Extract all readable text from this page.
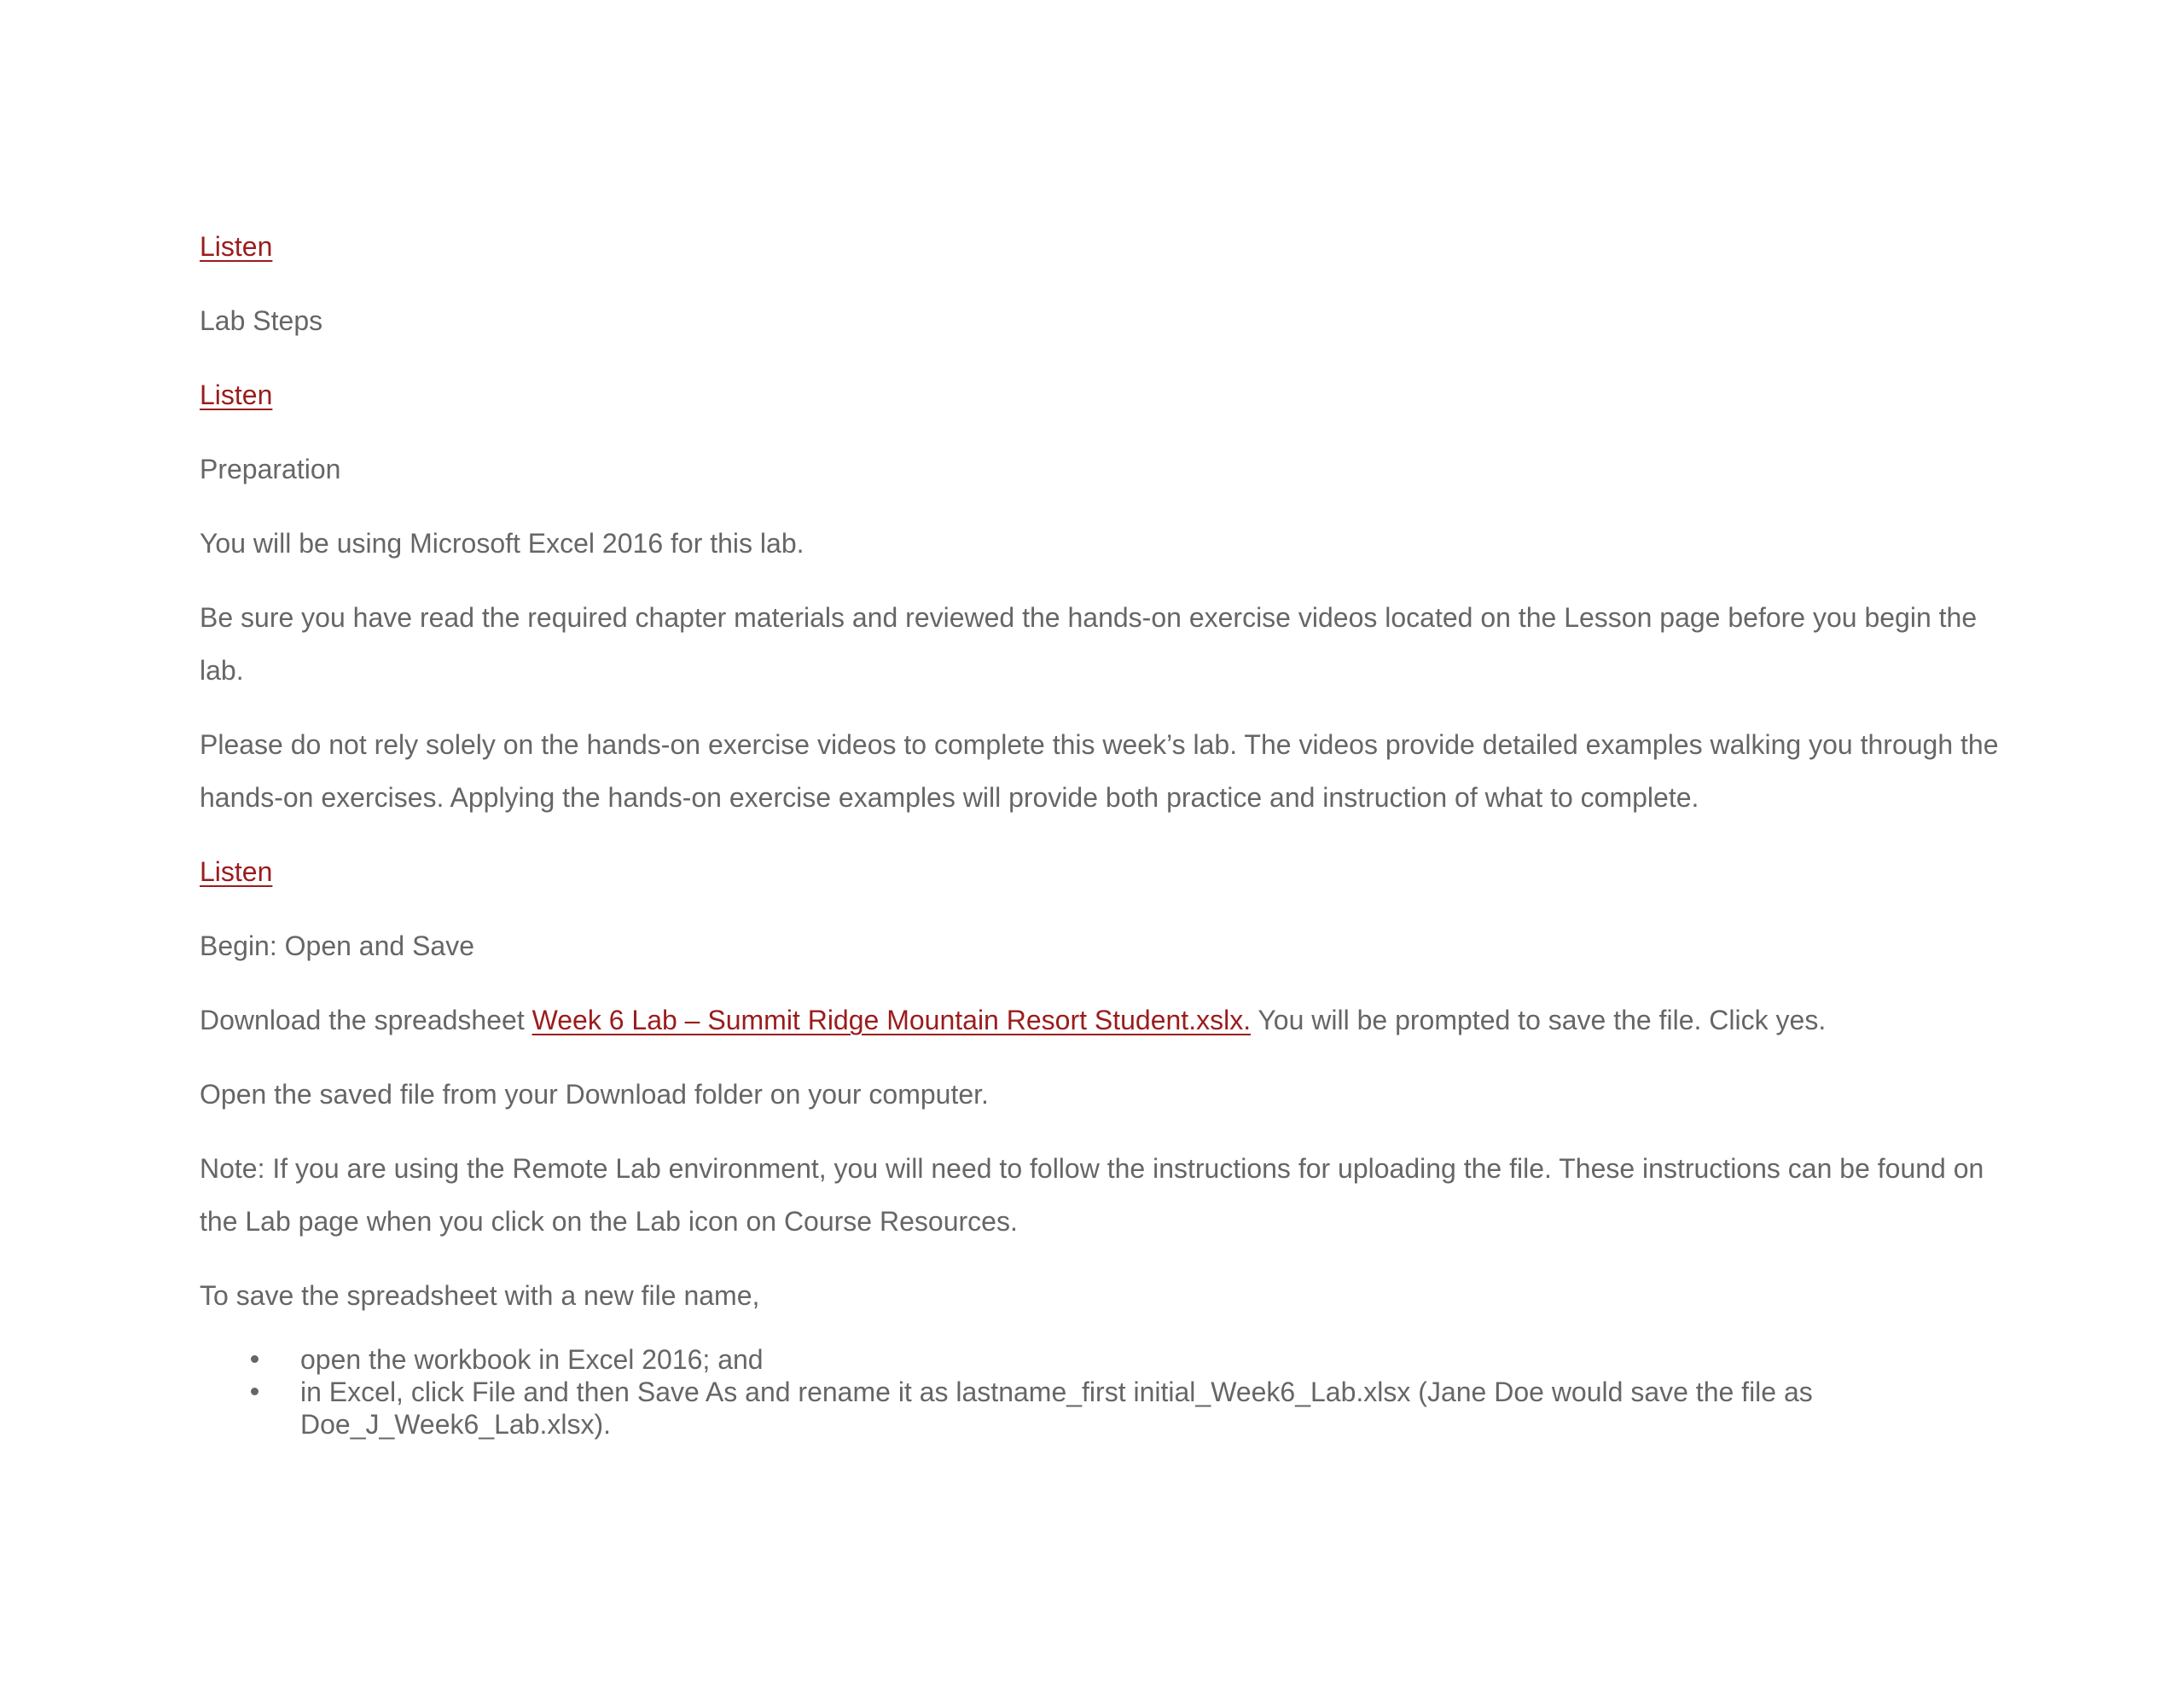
Listen

Lab Steps

Listen

Preparation

You will be using Microsoft Excel 2016 for this lab.

Be sure you have read the required chapter materials and reviewed the hands-on exercise videos located on the Lesson page before you begin the lab.

Please do not rely solely on the hands-on exercise videos to complete this week’s lab. The videos provide detailed examples walking you through the hands-on exercises. Applying the hands-on exercise examples will provide both practice and instruction of what to complete.

Listen

Begin: Open and Save

Download the spreadsheet Week 6 Lab – Summit Ridge Mountain Resort Student.xslx. You will be prompted to save the file. Click yes.

Open the saved file from your Download folder on your computer.

Note: If you are using the Remote Lab environment, you will need to follow the instructions for uploading the file. These instructions can be found on the Lab page when you click on the Lab icon on Course Resources.

To save the spreadsheet with a new file name,

open the workbook in Excel 2016; and
in Excel, click File and then Save As and rename it as lastname_first initial_Week6_Lab.xlsx (Jane Doe would save the file as Doe_J_Week6_Lab.xlsx).
